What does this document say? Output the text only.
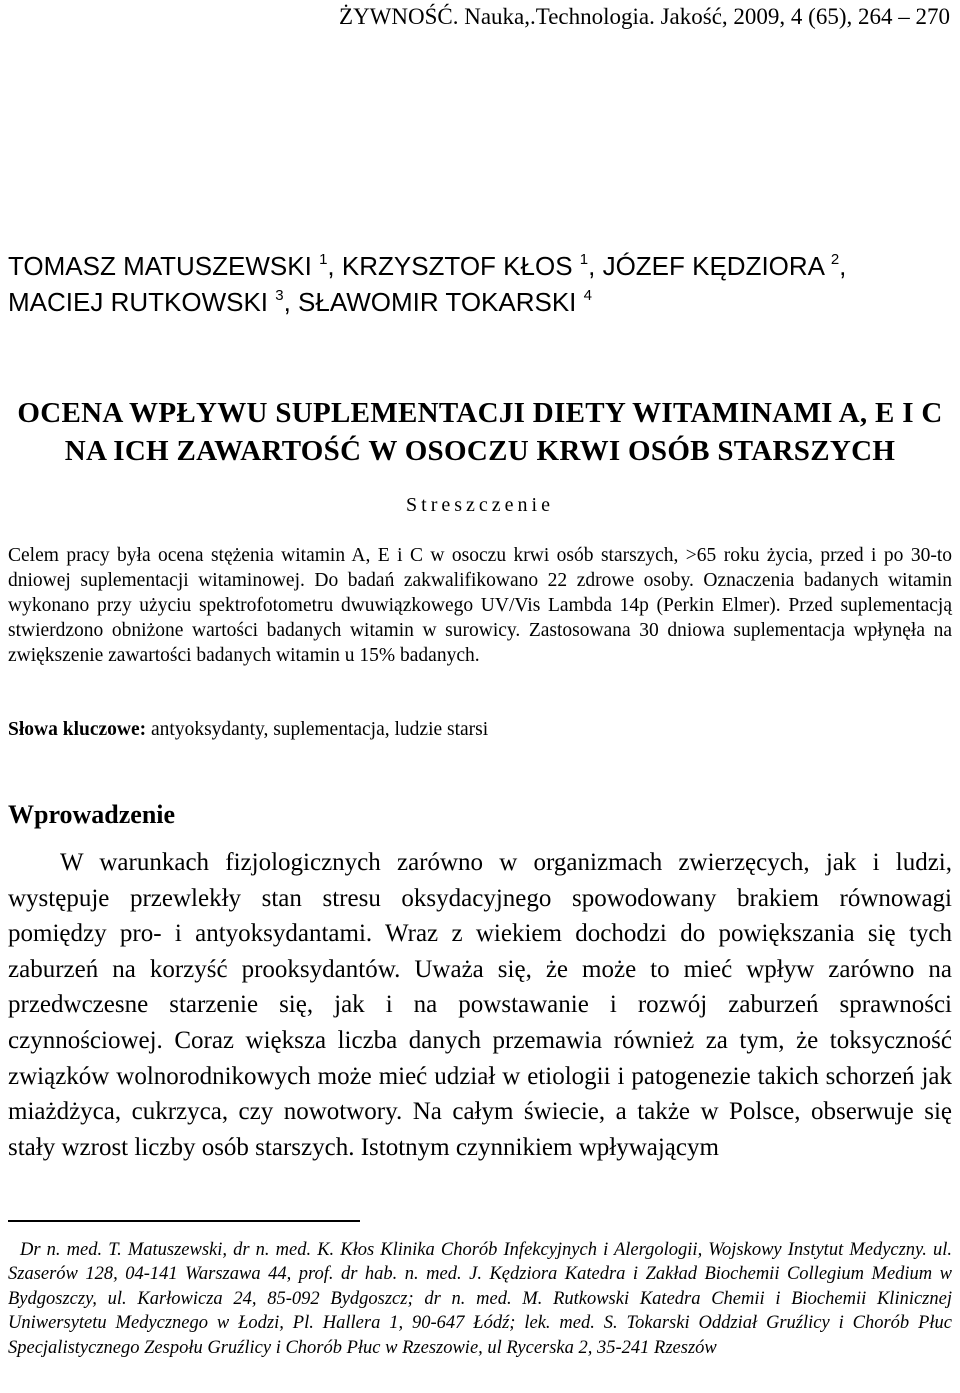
ŻYWNOŚĆ. Nauka,.Technologia. Jakość, 2009, 4 (65), 264 – 270
TOMASZ MATUSZEWSKI $^1$, KRZYSZTOF KŁOS $^1$, JÓZEF KĘDZIORA $^2$,
MACIEJ RUTKOWSKI $^3$, SŁAWOMIR TOKARSKI $^4$
OCENA WPŁYWU SUPLEMENTACJI DIETY WITAMINAMI A, E I C
NA ICH ZAWARTOŚĆ W OSOCZU KRWI OSÓB STARSZYCH
Streszczenie

Celem pracy była ocena stężenia witamin A, E i C w osoczu krwi osób starszych, >65 roku życia, przed i po 30-to dniowej suplementacji witaminowej. Do badań zakwalifikowano 22 zdrowe osoby. Oznaczenia badanych witamin wykonano przy użyciu spektrofotometru dwuwiązkowego UV/Vis Lambda 14p (Perkin Elmer). Przed suplementacją stwierdzono obniżone wartości badanych witamin w surowicy. Zastosowana 30 dniowa suplementacja wpłynęła na zwiększenie zawartości badanych witamin u 15% badanych.

Słowa kluczowe: antyoksydanty, suplementacja, ludzie starsi
Wprowadzenie

W warunkach fizjologicznych zarówno w organizmach zwierzęcych, jak i ludzi, występuje przewlekły stan stresu oksydacyjnego spowodowany brakiem równowagi pomiędzy pro- i antyoksydantami. Wraz z wiekiem dochodzi do powiększania się tych zaburzeń na korzyść prooksydantów. Uważa się, że może to mieć wpływ zarówno na przedwczesne starzenie się, jak i na powstawanie i rozwój zaburzeń sprawności czynnościowej. Coraz większa liczba danych przemawia również za tym, że toksyczność związków wolnorodnikowych może mieć udział w etiologii i patogenezie takich schorzeń jak miażdżyca, cukrzyca, czy nowotwory. Na całym świecie, a także w Polsce, obserwuje się stały wzrost liczby osób starszych. Istotnym czynnikiem wpływającym

Dr n. med. T. Matuszewski, dr n. med. K. Kłos Klinika Chorób Infekcyjnych i Alergologii, Wojskowy Instytut Medyczny. ul. Szaserów 128, 04-141 Warszawa 44, prof. dr hab. n. med. J. Kędziora Katedra i Zakład Biochemii Collegium Medium w Bydgoszczy, ul. Karłowicza 24, 85-092 Bydgoszcz; dr n. med. M. Rutkowski Katedra Chemii i Biochemii Klinicznej Uniwersytetu Medycznego w Łodzi, Pl. Hallera 1, 90-647 Łódź; lek. med. S. Tokarski Oddział Gruźlicy i Chorób Płuc Specjalistycznego Zespołu Gruźlicy i Chorób Płuc w Rzeszowie, ul Rycerska 2, 35-241 Rzeszów
